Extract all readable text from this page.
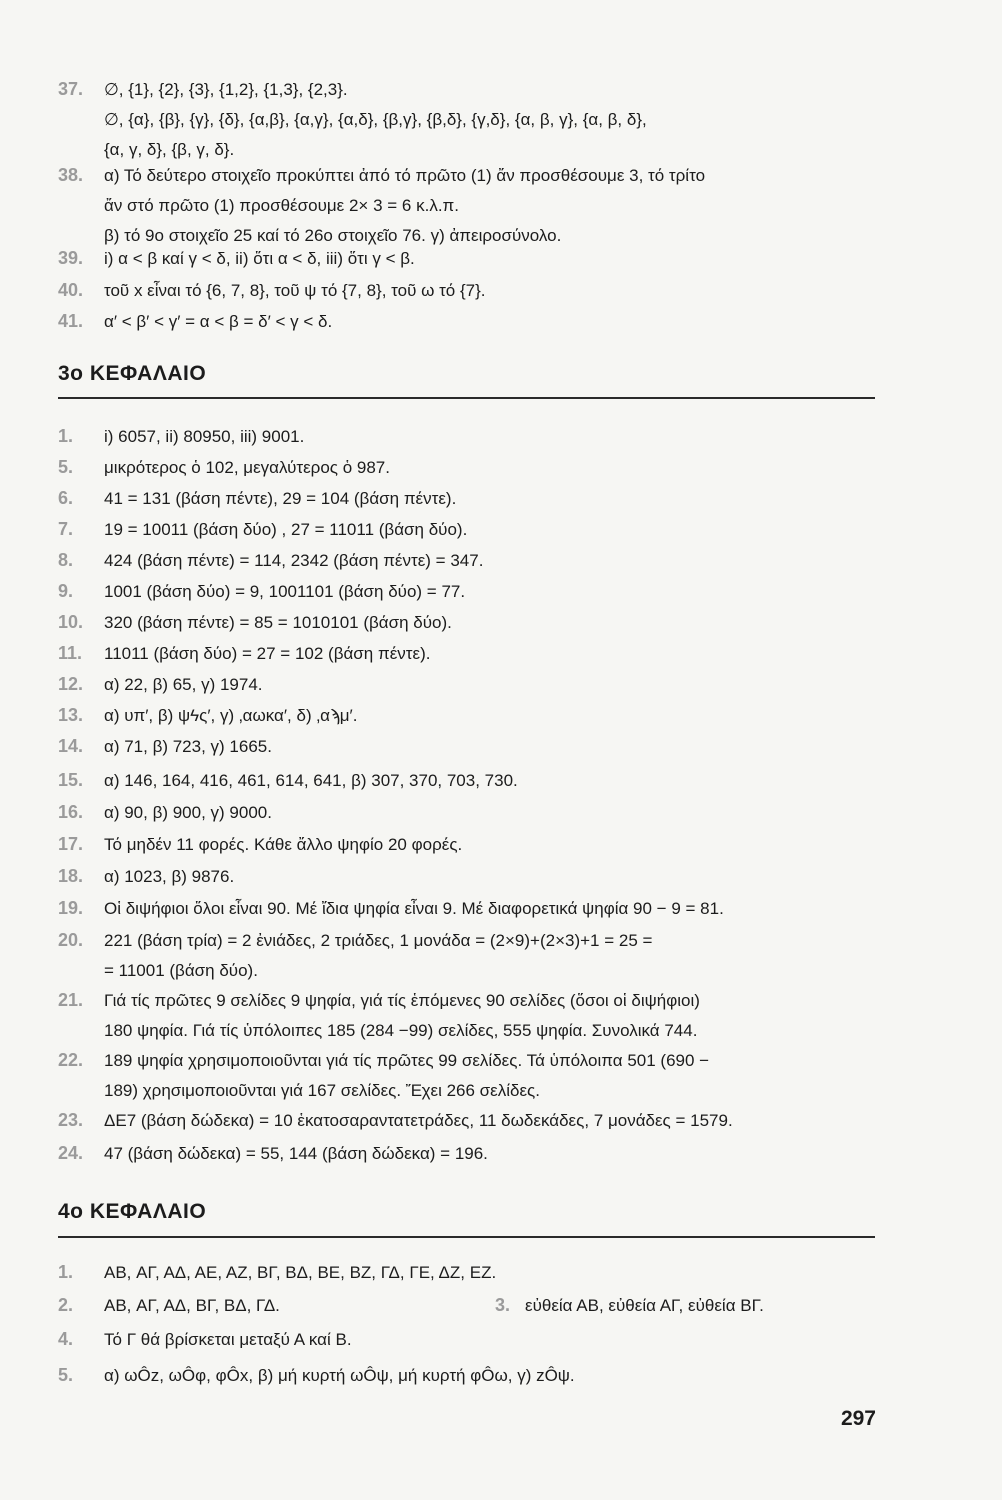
37. ∅, {1}, {2}, {3}, {1,2}, {1,3}, {2,3}.
∅, {α}, {β}, {γ}, {δ}, {α,β}, {α,γ}, {α,δ}, {β,γ}, {β,δ}, {γ,δ}, {α, β, γ}, {α, β, δ},
{α, γ, δ}, {β, γ, δ}.
38. α) Τό δεύτερο στοιχεῖο προκύπτει ἀπό τό πρῶτο (1) ἄν προσθέσουμε 3, τό τρίτο
ἄν στό πρῶτο (1) προσθέσουμε 2× 3 = 6 κ.λ.π.
β) τό 9ο στοιχεῖο 25 καί τό 26ο στοιχεῖο 76. γ) ἀπειροσύνολο.
39. i) α < β καί γ < δ, ii) ὅτι α < δ, iii) ὅτι γ < β.
40. τοῦ x εἶναι τό {6, 7, 8}, τοῦ ψ τό {7, 8}, τοῦ ω τό {7}.
41. α′ < β′ < γ′ = α < β = δ′ < γ < δ.
3ο ΚΕΦΑΛΑΙΟ
1. i) 6057, ii) 80950, iii) 9001.
5. μικρότερος ὁ 102, μεγαλύτερος ὁ 987.
6. 41 = 131 (βάση πέντε), 29 = 104 (βάση πέντε).
7. 19 = 10011 (βάση δύο) , 27 = 11011 (βάση δύο).
8. 424 (βάση πέντε) = 114, 2342 (βάση πέντε) = 347.
9. 1001 (βάση δύο) = 9, 1001101 (βάση δύο) = 77.
10. 320 (βάση πέντε) = 85 = 1010101 (βάση δύο).
11. 11011 (βάση δύο) = 27 = 102 (βάση πέντε).
12. α) 22, β) 65, γ) 1974.
13. α) υπ′, β) ψϟς′, γ) ‚αωκα′, δ) ‚αϡμ′.
14. α) 71, β) 723, γ) 1665.
15. α) 146, 164, 416, 461, 614, 641, β) 307, 370, 703, 730.
16. α) 90, β) 900, γ) 9000.
17. Τό μηδέν 11 φορές. Κάθε ἄλλο ψηφίο 20 φορές.
18. α) 1023, β) 9876.
19. Οἱ διψήφιοι ὅλοι εἶναι 90. Μέ ἴδια ψηφία εἶναι 9. Μέ διαφορετικά ψηφία 90 − 9 = 81.
20. 221 (βάση τρία) = 2 ἐνιάδες, 2 τριάδες, 1 μονάδα = (2×9)+(2×3)+1 = 25 =
= 11001 (βάση δύο).
21. Γιά τίς πρῶτες 9 σελίδες 9 ψηφία, γιά τίς ἑπόμενες 90 σελίδες (ὅσοι οἱ διψήφιοι)
180 ψηφία. Γιά τίς ὑπόλοιπες 185 (284 −99) σελίδες, 555 ψηφία. Συνολικά 744.
22. 189 ψηφία χρησιμοποιοῦνται γιά τίς πρῶτες 99 σελίδες. Τά ὑπόλοιπα 501 (690 −
189) χρησιμοποιοῦνται γιά 167 σελίδες. Ἔχει 266 σελίδες.
23. ΔΕ7 (βάση δώδεκα) = 10 ἑκατοσαραντατετράδες, 11 δωδεκάδες, 7 μονάδες = 1579.
24. 47 (βάση δώδεκα) = 55, 144 (βάση δώδεκα) = 196.
4ο ΚΕΦΑΛΑΙΟ
1. AB, ΑΓ, ΑΔ, ΑΕ, ΑΖ, ΒΓ, ΒΔ, ΒΕ, ΒΖ, ΓΔ, ΓΕ, ΔΖ, ΕΖ.
2. AB, ΑΓ, ΑΔ, ΒΓ, ΒΔ, ΓΔ.	3. εὐθεία ΑΒ, εὐθεία ΑΓ, εὐθεία ΒΓ.
4. Τό Γ θά βρίσκεται μεταξύ Α καί Β.
5. α) ωÔz, ωÔφ, φÔx, β) μή κυρτή ωÔψ, μή κυρτή φÔω, γ) zÔψ.
297
